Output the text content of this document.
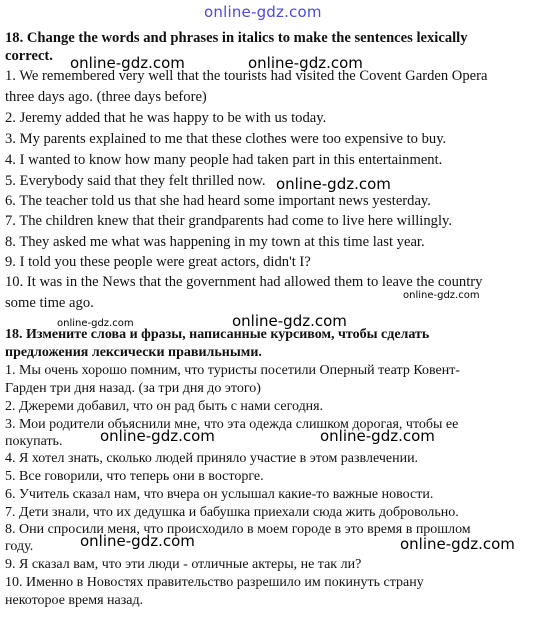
online-gdz.com
18. Change the words and phrases in italics to make the sentences lexically
correct.
1. We remembered very well that the tourists had visited the Covent Garden Opera
three days ago. (three days before)
2. Jeremy added that he was happy to be with us today.
3. My parents explained to me that these clothes were too expensive to buy.
4. I wanted to know how many people had taken part in this entertainment.
5. Everybody said that they felt thrilled now.
6. The teacher told us that she had heard some important news yesterday.
7. The children knew that their grandparents had come to live here willingly.
8. They asked me what was happening in my town at this time last year.
9. I told you these people were great actors, didn't I?
10. It was in the News that the government had allowed them to leave the country
some time ago.
18. Измените слова и фразы, написанные курсивом, чтобы сделать
предложения лексически правильными.
1. Мы очень хорошо помним, что туристы посетили Оперный театр Ковент-
Гарден три дня назад. (за три дня до этого)
2. Джереми добавил, что он рад быть с нами сегодня.
3. Мои родители объяснили мне, что эта одежда слишком дорогая, чтобы ее
покупать.
4. Я хотел знать, сколько людей приняло участие в этом развлечении.
5. Все говорили, что теперь они в восторге.
6. Учитель сказал нам, что вчера он услышал какие-то важные новости.
7. Дети знали, что их дедушка и бабушка приехали сюда жить добровольно.
8. Они спросили меня, что происходило в моем городе в это время в прошлом
году.
9. Я сказал вам, что эти люди - отличные актеры, не так ли?
10. Именно в Новостях правительство разрешило им покинуть страну
некоторое время назад.
online-gdz.com	online-gdz.com
online-gdz.com
online-gdz.com
online-gdz.com	online-gdz.com
online-gdz.com	online-gdz.com
online-gdz.com	online-gdz.com
